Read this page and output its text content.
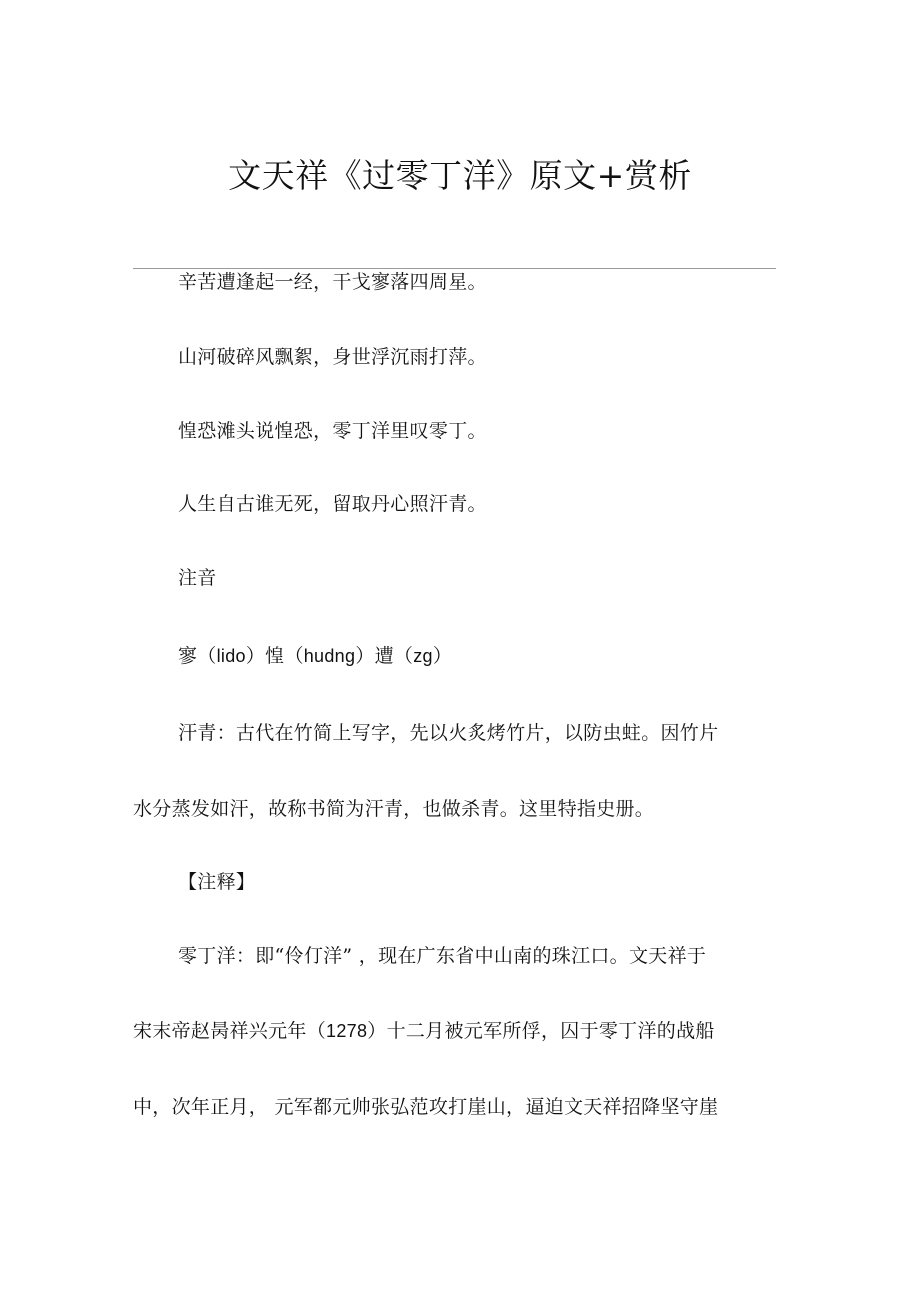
文天祥《过零丁洋》原文+赏析
辛苦遭逢起一经，干戈寥落四周星。
山河破碎风飘絮，身世浮沉雨打萍。
惶恐滩头说惶恐，零丁洋里叹零丁。
人生自古谁无死，留取丹心照汗青。
注音
寥（lido）惶（hudng）遭（zg）
汗青：古代在竹简上写字，先以火炙烤竹片，以防虫蛀。因竹片
水分蒸发如汗，故称书简为汗青，也做杀青。这里特指史册。
【注释】
零丁洋：即“伶仃洋” ，现在广东省中山南的珠江口。文天祥于
宋末帝赵昺祥兴元年（1278）十二月被元军所俘，囚于零丁洋的战船
中，次年正月， 元军都元帅张弘范攻打崖山，逼迫文天祥招降坚守崖
